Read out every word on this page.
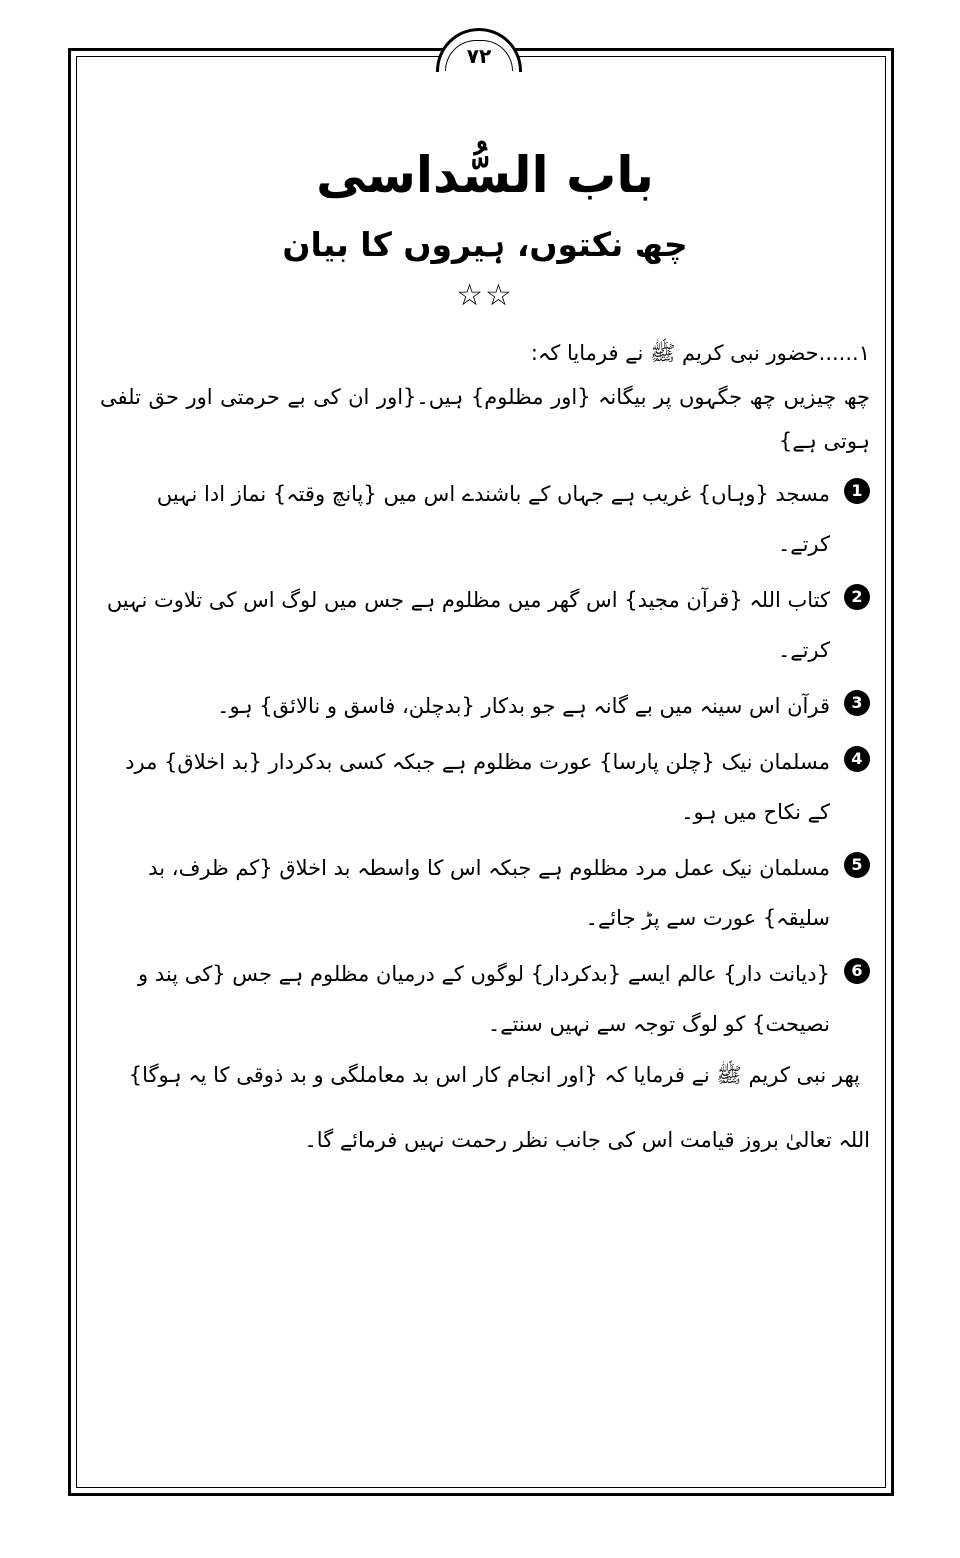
۷۲
باب السُّداسی
چھ نکتوں، ہیروں کا بیان
☆☆

۱......حضور نبی کریم ﷺ نے فرمایا کہ:

چھ چیزیں چھ جگہوں پر بیگانہ {اور مظلوم} ہیں۔{اور ان کی بے حرمتی اور حق تلفی ہوتی ہے}

1
مسجد {وہاں} غریب ہے جہاں کے باشندے اس میں {پانچ وقتہ} نماز ادا نہیں کرتے۔
2
کتاب اللہ {قرآن مجید} اس گھر میں مظلوم ہے جس میں لوگ اس کی تلاوت نہیں کرتے۔
3
قرآن اس سینہ میں بے گانہ ہے جو بدکار {بدچلن، فاسق و نالائق} ہو۔
4
مسلمان نیک {چلن پارسا} عورت مظلوم ہے جبکہ کسی بدکردار {بد اخلاق} مرد کے نکاح میں ہو۔
5
مسلمان نیک عمل مرد مظلوم ہے جبکہ اس کا واسطہ بد اخلاق {کم ظرف، بد سلیقہ} عورت سے پڑ جائے۔
6
{دیانت دار} عالم ایسے {بدکردار} لوگوں کے درمیان مظلوم ہے جس {کی پند و نصیحت} کو لوگ توجہ سے نہیں سنتے۔

پھر نبی کریم ﷺ نے فرمایا کہ {اور انجام کار اس بد معاملگی و بد ذوقی کا یہ ہوگا}

اللہ تعالیٰ بروز قیامت اس کی جانب نظر رحمت نہیں فرمائے گا۔
